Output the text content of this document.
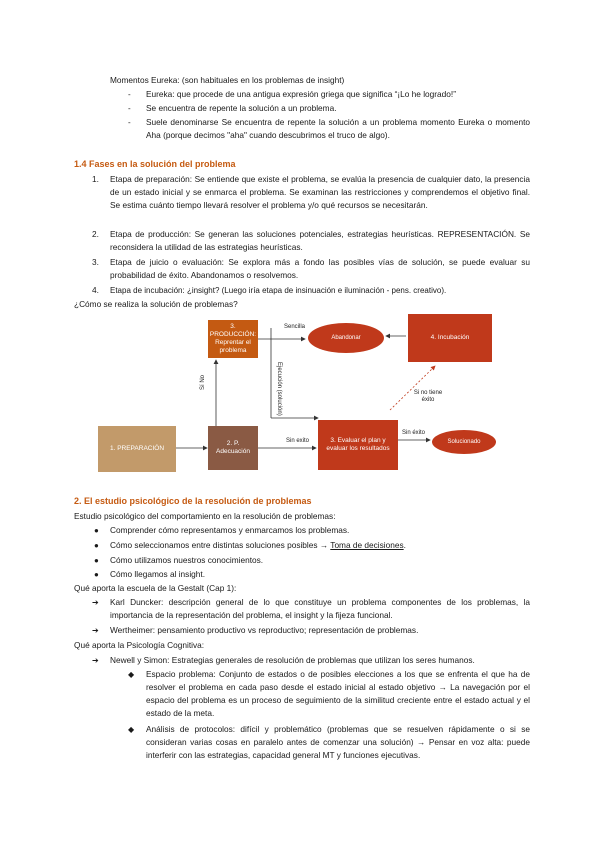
Momentos Eureka: (son habituales en los problemas de insight)
- Eureka: que procede de una antigua expresión griega que significa “¡Lo he logrado!”
- Se encuentra de repente la solución a un problema.
- Suele denominarse Se encuentra de repente la solución a un problema momento Eureka o momento Aha (porque decimos "aha" cuando descubrimos el truco de algo).
1.4 Fases en la solución del problema
1. Etapa de preparación: Se entiende que existe el problema, se evalúa la presencia de cualquier dato, la presencia de un estado inicial y se enmarca el problema. Se examinan las restricciones y comprendemos el objetivo final. Se estima cuánto tiempo llevará resolver el problema y/o qué recursos se necesitarán.
2. Etapa de producción: Se generan las soluciones potenciales, estrategias heurísticas. REPRESENTACIÓN. Se reconsidera la utilidad de las estrategias heurísticas.
3. Etapa de juicio o evaluación: Se explora más a fondo las posibles vías de solución, se puede evaluar su probabilidad de éxito. Abandonamos o resolvemos.
4. Etapa de incubación: ¿insight? (Luego iría etapa de insinuación e iluminación - pens. creativo).
¿Cómo se realiza la solución de problemas?
3. PRODUCCIÓN: Reprentar el problema
Abandonar	4. Incubación
1. PREPARACIÓN
2. P. Adecuación
3. Evaluar el plan y evaluar los resultados
Solucionado
Sencilla
Sí No	Ejecución (solución)
Sin exito
Si no tiene éxito
Sin éxito
2. El estudio psicológico de la resolución de problemas
Estudio psicológico del comportamiento en la resolución de problemas:
● Comprender cómo representamos y enmarcamos los problemas.
● Cómo seleccionamos entre distintas soluciones posibles → Toma de decisiones.
● Cómo utilizamos nuestros conocimientos.
● Cómo llegamos al insight.
Qué aporta la escuela de la Gestalt (Cap 1):
➔ Karl Duncker: descripción general de lo que constituye un problema componentes de los problemas, la importancia de la representación del problema, el insight y la fijeza funcional.
➔ Wertheimer: pensamiento productivo vs reproductivo; representación de problemas.
Qué aporta la Psicología Cognitiva:
➔ Newell y Simon: Estrategias generales de resolución de problemas que utilizan los seres humanos.
◆ Espacio problema: Conjunto de estados o de posibles elecciones a los que se enfrenta el que ha de resolver el problema en cada paso desde el estado inicial al estado objetivo → La navegación por el espacio del problema es un proceso de seguimiento de la similitud creciente entre el estado actual y el estado de la meta.
◆ Análisis de protocolos: difícil y problemático (problemas que se resuelven rápidamente o si se consideran varias cosas en paralelo antes de comenzar una solución) → Pensar en voz alta: puede interferir con las estrategias, capacidad general MT y funciones ejecutivas.
